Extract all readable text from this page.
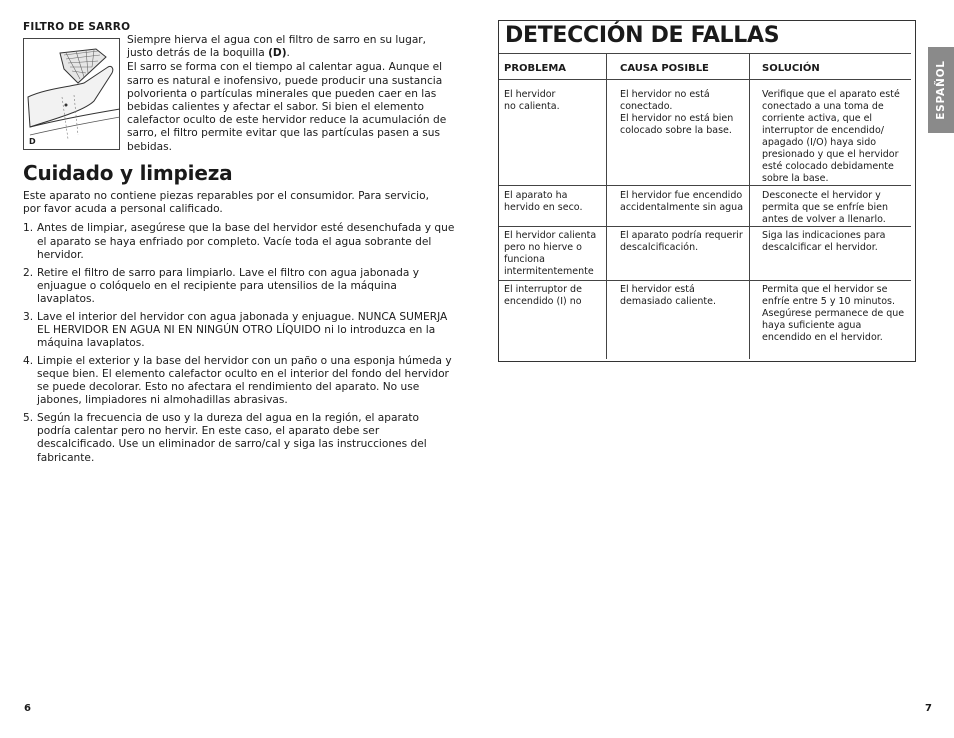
FILTRO DE SARRO
D

Siempre hierva el agua con el filtro de sarro en su lugar, justo detrás de la boquilla (D).

El sarro se forma con el tiempo al calentar agua. Aunque el sarro es natural e inofensivo, puede producir una sustancia polvorienta o partículas minerales que pueden caer en las bebidas calientes y afectar el sabor. Si bien el elemento calefactor oculto de este hervidor reduce la acumulación de sarro, el filtro permite evitar que las partículas pasen a sus bebidas.

Cuidado y limpieza
Este aparato no contiene piezas reparables por el consumidor. Para servicio, por favor acuda a personal calificado.
1. Antes de limpiar, asegúrese que la base del hervidor esté desenchufada y que el aparato se haya enfriado por completo. Vacíe toda el agua sobrante del hervidor.
2. Retire el filtro de sarro para limpiarlo. Lave el filtro con agua jabonada y enjuague o colóquelo en el recipiente para utensilios de la máquina lavaplatos.
3. Lave el interior del hervidor con agua jabonada y enjuague. NUNCA SUMERJA EL HERVIDOR EN AGUA NI EN NINGÚN OTRO LÍQUIDO ni lo introduzca en la máquina lavaplatos.
4. Limpie el exterior y la base del hervidor con un paño o una esponja húmeda y seque bien. El elemento calefactor oculto en el interior del fondo del hervidor se puede decolorar. Esto no afectara el rendimiento del aparato. No use jabones, limpiadores ni almohadillas abrasivas.
5. Según la frecuencia de uso y la dureza del agua en la región, el aparato podría calentar pero no hervir. En este caso, el aparato debe ser descalcificado. Use un eliminador de sarro/cal y siga las instrucciones del fabricante.
6
DETECCIÓN DE FALLAS
PROBLEMA	CAUSA POSIBLE	SOLUCIÓN
El hervidor
no calienta.
El hervidor no está conectado.
El hervidor no está bien colocado sobre la base.
Verifique que el aparato esté conectado a una toma de corriente activa, que el interruptor de encendido/ apagado (I/O) haya sido presionado y que el hervidor esté colocado debidamente sobre la base.
El aparato ha hervido en seco.
El hervidor fue encendido accidentalmente sin agua
Desconecte el hervidor y permita que se enfríe bien antes de volver a llenarlo.
El hervidor calienta pero no hierve o funciona intermitentemente
El aparato podría requerir descalcificación.
Siga las indicaciones para descalcificar el hervidor.
El interruptor de encendido (I) no
El hervidor está demasiado caliente.
Permita que el hervidor se enfríe entre 5 y 10 minutos. Asegúrese permanece de que haya suficiente agua encendido en el hervidor.
ESPAÑOL
7
